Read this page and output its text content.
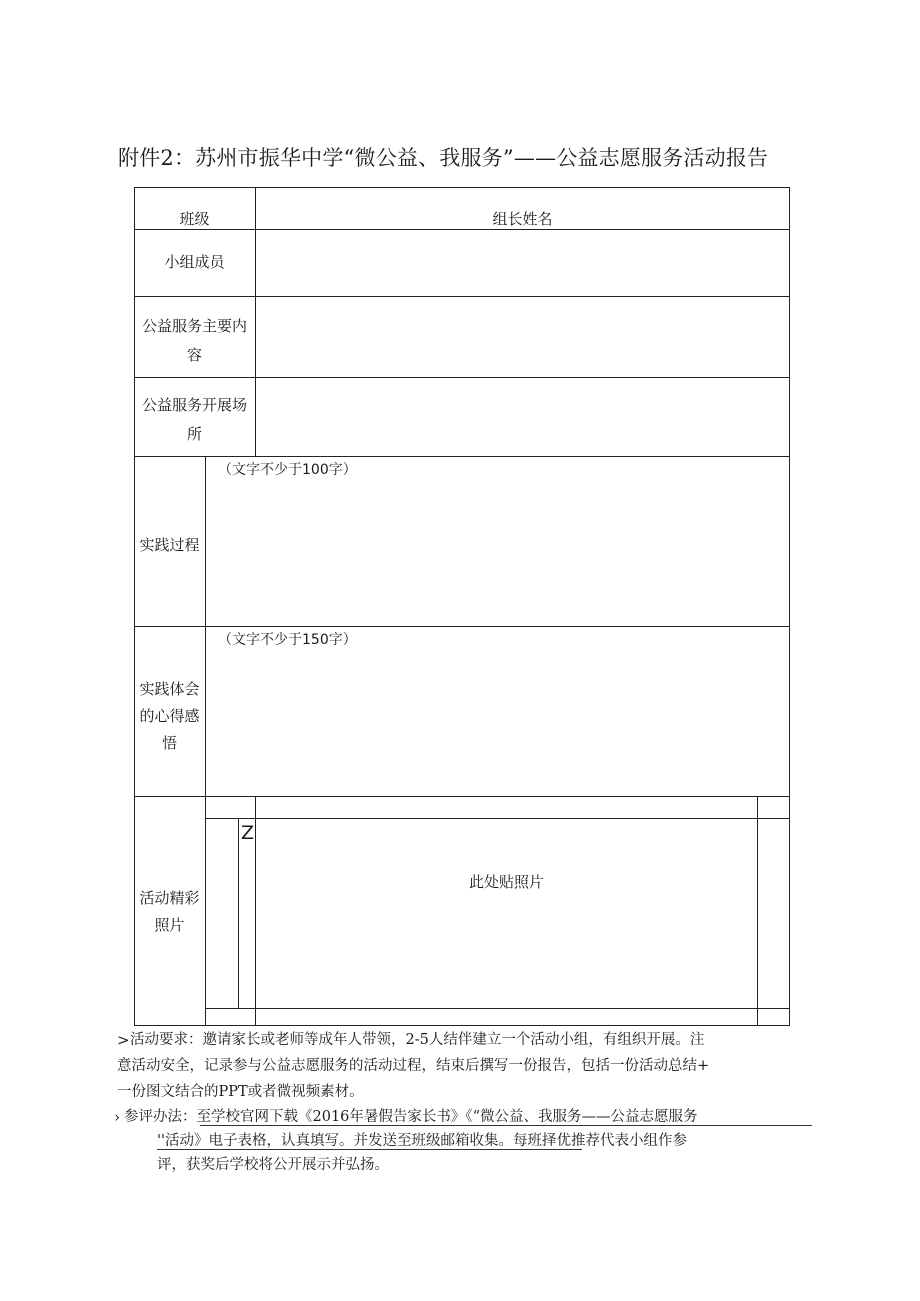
附件2：苏州市振华中学“微公益、我服务”——公益志愿服务活动报告
班级	组长姓名
小组成员
公益服务主要内
容
公益服务开展场
所
实践过程
（文字不少于100字）
实践体会
的心得感
悟
（文字不少于150字）
活动精彩
照片
Z
此处贴照片
> 活动要求：邀请家长或老师等成年人带领，2-5人结伴建立一个活动小组，有组织开展。注
意活动安全，记录参与公益志愿服务的活动过程，结束后撰写一份报告，包括一份活动总结+
一份图文结合的PPT或者微视频素材。
› 参评办法：至学校官网下载《2016年暑假告家长书》《“微公益、我服务——公益志愿服务
''活动》电子表格，认真填写。并发送至班级邮箱收集。每班择优推荐代表小组作参
评，获奖后学校将公开展示并弘扬。
